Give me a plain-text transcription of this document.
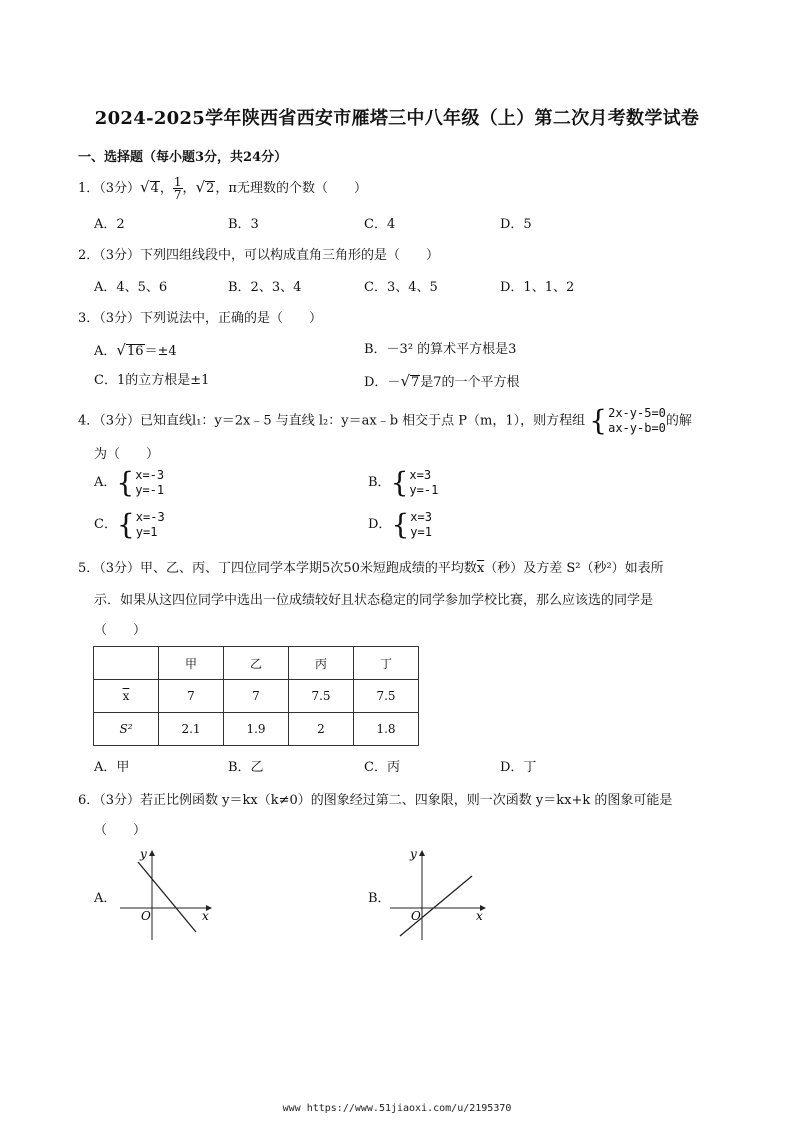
2024-2025学年陕西省西安市雁塔三中八年级（上）第二次月考数学试卷
一、选择题（每小题3分，共24分）
1．（3分）√4， $\frac{1}{7}$ ，√2，π无理数的个数（　　）
A．2	B．3	C．4	D．5
2．（3分）下列四组线段中，可以构成直角三角形的是（　　）
A．4、5、6	B．2、3、4	C．3、4、5	D．1、1、2
3．（3分）下列说法中，正确的是（　　）
A．√16＝±4	B．－3² 的算术平方根是3
C．1的立方根是±1	D．－√7是7的一个平方根
4．（3分）已知直线l₁：y＝2x﹣5 与直线 l₂：y＝ax﹣b 相交于点 P（m，1），则方程组 { 2x-y-5=0
ax-y-b=0 的解
为（　　）
A． { x=-3
y=-1	B． { x=3
y=-1
C． { x=-3
y=1	D． { x=3
y=1
5．（3分）甲、乙、丙、丁四位同学本学期5次50米短跑成绩的平均数$\overline{x}$（秒）及方差 S²（秒²）如表所
示．如果从这四位同学中选出一位成绩较好且状态稳定的同学参加学校比赛，那么应该选的同学是
（　　）
	甲	乙	丙	丁
$\overline{x}$	7	7	7.5	7.5
S²	2.1	1.9	2	1.8
A．甲	B．乙	C．丙	D．丁
6．（3分）若正比例函数 y＝kx（k≠0）的图象经过第二、四象限，则一次函数 y＝kx+k 的图象可能是
（　　）
A．
y
x
O
B．
y
x
O
www https://www.51jiaoxi.com/u/2195370
